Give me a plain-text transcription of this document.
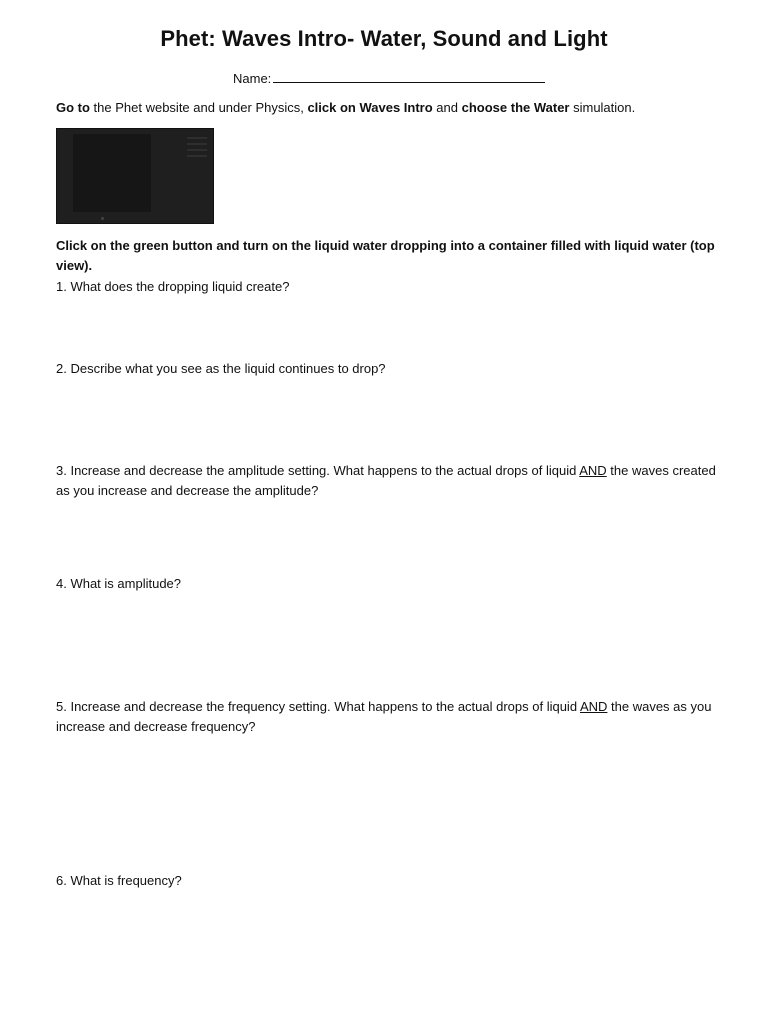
Phet: Waves Intro- Water, Sound and Light
Name:
Go to the Phet website and under Physics, click on Waves Intro and choose the Water simulation.
Click on the green button and turn on the liquid water dropping into a container filled with liquid water (top view).
1. What does the dropping liquid create?
2. Describe what you see as the liquid continues to drop?
3. Increase and decrease the amplitude setting. What happens to the actual drops of liquid AND the waves created as you increase and decrease the amplitude?
4. What is amplitude?
5. Increase and decrease the frequency setting. What happens to the actual drops of liquid AND the waves as you increase and decrease frequency?
6. What is frequency?
